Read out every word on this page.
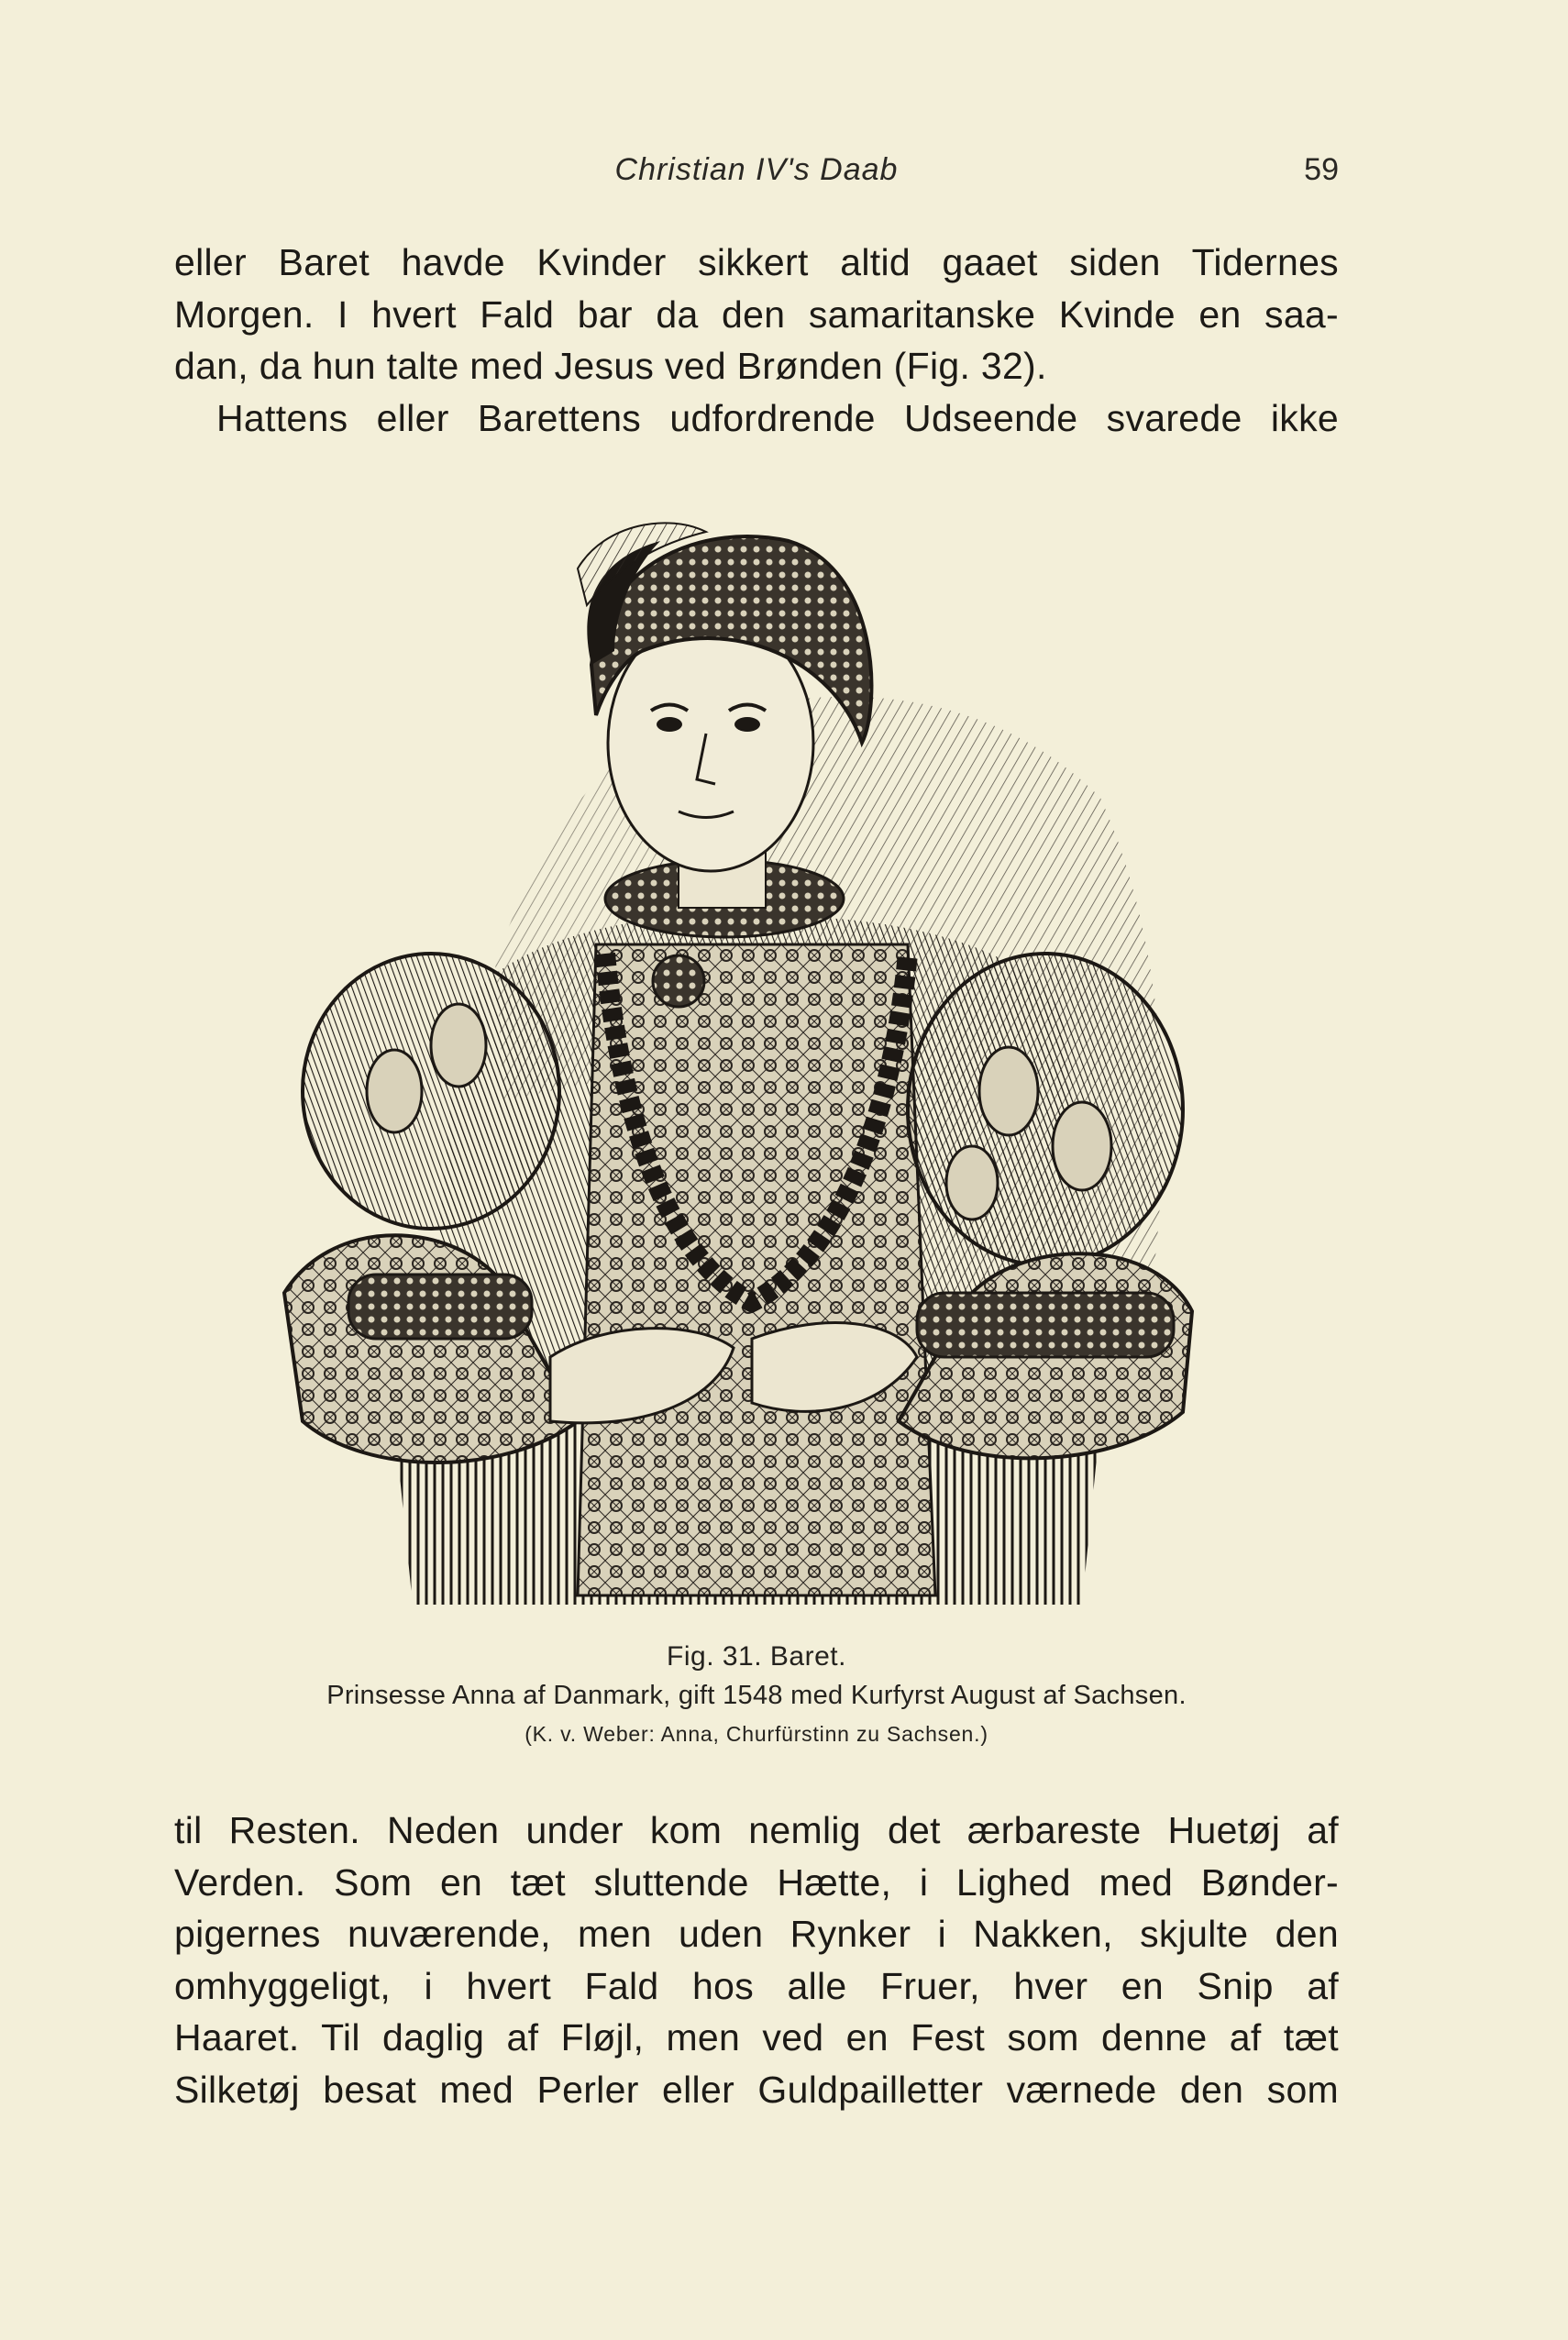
Christian IV's Daab	59
eller Baret havde Kvinder sikkert altid gaaet siden Tidernes
Morgen. I hvert Fald bar da den samaritanske Kvinde en saa-
dan, da hun talte med Jesus ved Brønden (Fig. 32).
Hattens eller Barettens udfordrende Udseende svarede ikke
Fig. 31. Baret.
Prinsesse Anna af Danmark, gift 1548 med Kurfyrst August af Sachsen.
(K. v. Weber: Anna, Churfürstinn zu Sachsen.)
til Resten. Neden under kom nemlig det ærbareste Huetøj af
Verden. Som en tæt sluttende Hætte, i Lighed med Bønder-
pigernes nuværende, men uden Rynker i Nakken, skjulte den
omhyggeligt, i hvert Fald hos alle Fruer, hver en Snip af
Haaret. Til daglig af Fløjl, men ved en Fest som denne af tæt
Silketøj besat med Perler eller Guldpailletter værnede den som
